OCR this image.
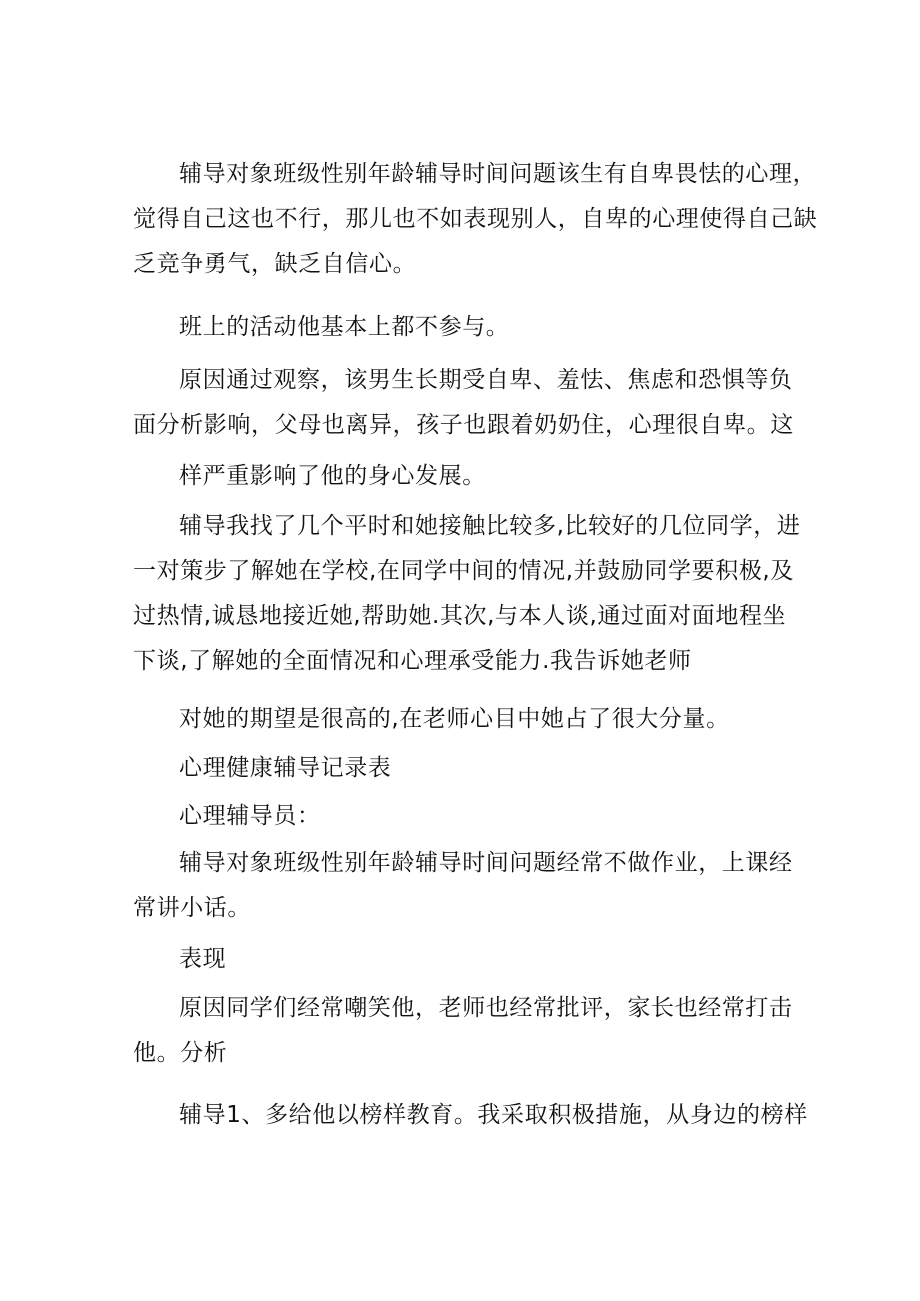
辅导对象班级性别年龄辅导时间问题该生有自卑畏怯的心理，
觉得自己这也不行，那儿也不如表现别人，自卑的心理使得自己缺
乏竞争勇气，缺乏自信心。
班上的活动他基本上都不参与。
原因通过观察，该男生长期受自卑、羞怯、焦虑和恐惧等负
面分析影响，父母也离异，孩子也跟着奶奶住，心理很自卑。这
样严重影响了他的身心发展。
辅导我找了几个平时和她接触比较多,比较好的几位同学，进
一对策步了解她在学校,在同学中间的情况,并鼓励同学要积极,及
过热情,诚恳地接近她,帮助她.其次,与本人谈,通过面对面地程坐
下谈,了解她的全面情况和心理承受能力.我告诉她老师
对她的期望是很高的,在老师心目中她占了很大分量。
心理健康辅导记录表
心理辅导员：
辅导对象班级性别年龄辅导时间问题经常不做作业，上课经
常讲小话。
表现
原因同学们经常嘲笑他，老师也经常批评，家长也经常打击
他。分析
辅导1、多给他以榜样教育。我采取积极措施，从身边的榜样
